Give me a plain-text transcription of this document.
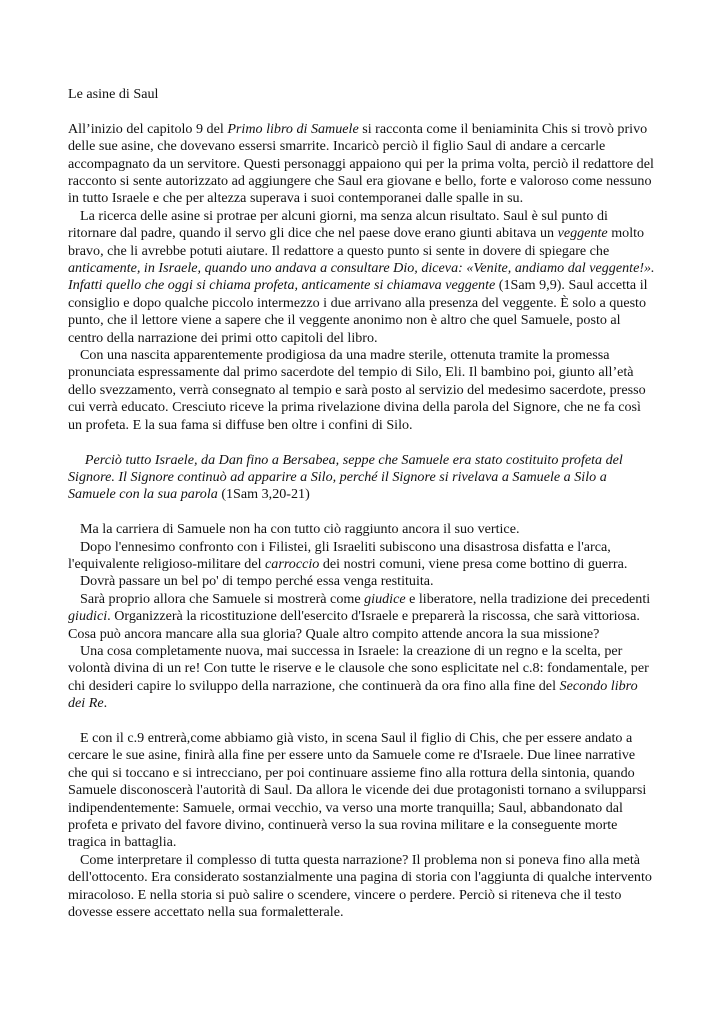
Le asine di Saul

All’inizio del capitolo 9 del Primo libro di Samuele si racconta come il beniaminita Chis si trovò privo delle sue asine, che dovevano essersi smarrite. Incaricò perciò il figlio Saul di andare a cercarle accompagnato da un servitore. Questi personaggi appaiono qui per la prima volta, perciò il redattore del racconto si sente autorizzato ad aggiungere che Saul era giovane e bello, forte e valoroso come nessuno in tutto Israele e che per altezza superava i suoi contemporanei dalle spalle in su.

La ricerca delle asine si protrae per alcuni giorni, ma senza alcun risultato. Saul è sul punto di ritornare dal padre, quando il servo gli dice che nel paese dove erano giunti abitava un veggente molto bravo, che li avrebbe potuti aiutare. Il redattore a questo punto si sente in dovere di spiegare che anticamente, in Israele, quando uno andava a consultare Dio, diceva: «Venite, andiamo dal veggente!». Infatti quello che oggi si chiama profeta, anticamente si chiamava veggente (1Sam 9,9). Saul accetta il consiglio e dopo qualche piccolo intermezzo i due arrivano alla presenza del veggente. È solo a questo punto, che il lettore viene a sapere che il veggente anonimo non è altro che quel Samuele, posto al centro della narrazione dei primi otto capitoli del libro.

Con una nascita apparentemente prodigiosa da una madre sterile, ottenuta tramite la promessa pronunciata espressamente dal primo sacerdote del tempio di Silo, Eli. Il bambino poi, giunto all’età dello svezzamento, verrà consegnato al tempio e sarà posto al servizio del medesimo sacerdote, presso cui verrà educato. Cresciuto riceve la prima rivelazione divina della parola del Signore, che ne fa così un profeta. E la sua fama si diffuse ben oltre i confini di Silo.

Perciò tutto Israele, da Dan fino a Bersabea, seppe che Samuele era stato costituito profeta del Signore. Il Signore continuò ad apparire a Silo, perché il Signore si rivelava a Samuele a Silo a Samuele con la sua parola (1Sam 3,20-21)

Ma la carriera di Samuele non ha con tutto ciò raggiunto ancora il suo vertice.

Dopo l'ennesimo confronto con i Filistei, gli Israeliti subiscono una disastrosa disfatta e l'arca, l'equivalente religioso-militare del carroccio dei nostri comuni, viene presa come bottino di guerra.

Dovrà passare un bel po' di tempo perché essa venga restituita.

Sarà proprio allora che Samuele si mostrerà come giudice e liberatore, nella tradizione dei precedenti giudici. Organizzerà la ricostituzione dell'esercito d'Israele e preparerà la riscossa, che sarà vittoriosa. Cosa può ancora mancare alla sua gloria? Quale altro compito attende ancora la sua missione?

Una cosa completamente nuova, mai successa in Israele: la creazione di un regno e la scelta, per volontà divina di un re! Con tutte le riserve e le clausole che sono esplicitate nel c.8: fondamentale, per chi desideri capire lo sviluppo della narrazione, che continuerà da ora fino alla fine del Secondo libro dei Re.

E con il c.9 entrerà,come abbiamo già visto, in scena Saul il figlio di Chis, che per essere andato a cercare le sue asine, finirà alla fine per essere unto da Samuele come re d'Israele. Due linee narrative che qui si toccano e si intrecciano, per poi continuare assieme fino alla rottura della sintonia, quando Samuele disconoscerà l'autorità di Saul. Da allora le vicende dei due protagonisti tornano a svilupparsi indipendentemente: Samuele, ormai vecchio, va verso una morte tranquilla; Saul, abbandonato dal profeta e privato del favore divino, continuerà verso la sua rovina militare e la conseguente morte tragica in battaglia.

Come interpretare il complesso di tutta questa narrazione? Il problema non si poneva fino alla metà dell'ottocento. Era considerato sostanzialmente una pagina di storia con l'aggiunta di qualche intervento miracoloso. E nella storia si può salire o scendere, vincere o perdere. Perciò si riteneva che il testo dovesse essere accettato nella sua formaletterale.
